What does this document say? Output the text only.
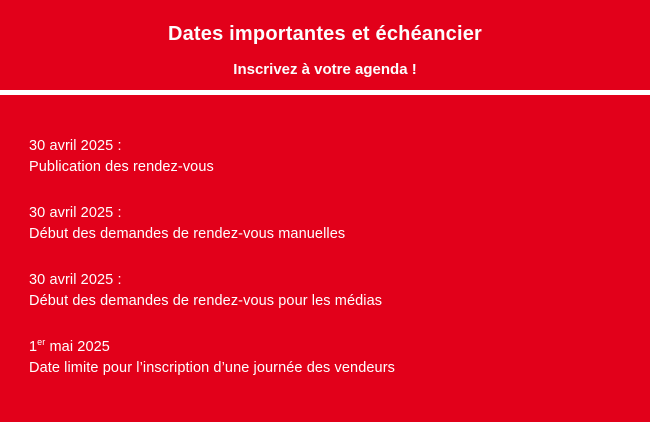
Dates importantes et échéancier
Inscrivez à votre agenda !
30 avril 2025 :
Publication des rendez-vous
30 avril 2025 :
Début des demandes de rendez-vous manuelles
30 avril 2025 :
Début des demandes de rendez-vous pour les médias
1er mai 2025
Date limite pour l’inscription d’une journée des vendeurs
